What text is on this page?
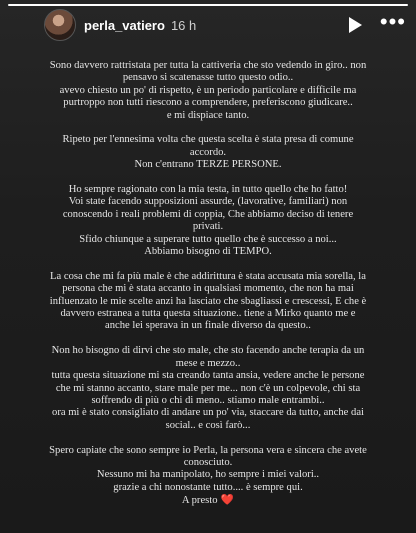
perla_vatiero 16 h	•••

Sono davvero rattristata per tutta la cattiveria che sto vedendo in giro.. non
pensavo si scatenasse tutto questo odio..
avevo chiesto un po' di rispetto, è un periodo particolare e difficile ma
purtroppo non tutti riescono a comprendere, preferiscono giudicare..
e mi dispiace tanto.

Ripeto per l'ennesima volta che questa scelta è stata presa di comune
accordo.
Non c'entrano TERZE PERSONE.

Ho sempre ragionato con la mia testa, in tutto quello che ho fatto!
Voi state facendo supposizioni assurde, (lavorative, familiari) non
conoscendo i reali problemi di coppia, Che abbiamo deciso di tenere
privati.
Sfido chiunque a superare tutto quello che è successo a noi...
Abbiamo bisogno di TEMPO.

La cosa che mi fa più male è che addirittura è stata accusata mia sorella, la
persona che mi è stata accanto in qualsiasi momento, che non ha mai
influenzato le mie scelte anzi ha lasciato che sbagliassi e crescessi, E che è
davvero estranea a tutta questa situazione.. tiene a Mirko quanto me e
anche lei sperava in un finale diverso da questo..

Non ho bisogno di dirvi che sto male, che sto facendo anche terapia da un
mese e mezzo..
tutta questa situazione mi sta creando tanta ansia, vedere anche le persone
che mi stanno accanto, stare male per me... non c'è un colpevole, chi sta
soffrendo di più o chi di meno.. stiamo male entrambi..
ora mi è stato consigliato di andare un po' via, staccare da tutto, anche dai
social.. e così farò...

Spero capiate che sono sempre io Perla, la persona vera e sincera che avete
conosciuto.
Nessuno mi ha manipolato, ho sempre i miei valori..
grazie a chi nonostante tutto.... è sempre qui.
A presto ❤️
